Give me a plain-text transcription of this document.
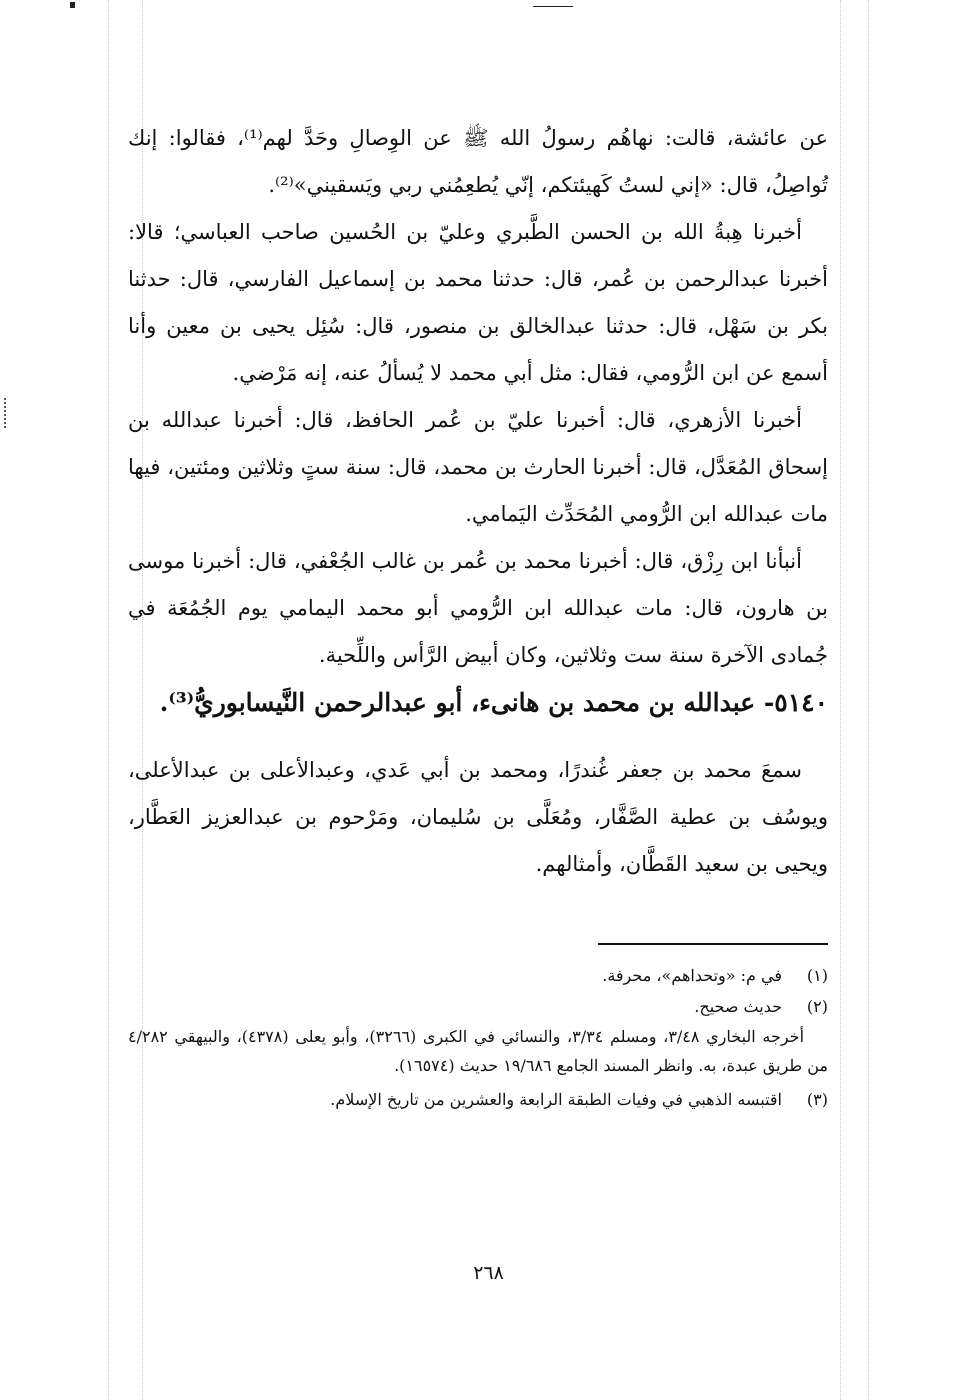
عن عائشة، قالت: نهاهُم رسولُ الله ﷺ عن الوِصالِ وحَدَّ لهم⁽¹⁾، فقالوا: إنك تُواصِلُ، قال: «إني لستُ كَهيئتكم، إنّي يُطعِمُني ربي ويَسقيني»⁽²⁾.

أخبرنا هِبةُ الله بن الحسن الطَّبري وعليّ بن الحُسين صاحب العباسي؛ قالا: أخبرنا عبدالرحمن بن عُمر، قال: حدثنا محمد بن إسماعيل الفارسي، قال: حدثنا بكر بن سَهْل، قال: حدثنا عبدالخالق بن منصور، قال: سُئِل يحيى بن معين وأنا أسمع عن ابن الرُّومي، فقال: مثل أبي محمد لا يُسألُ عنه، إنه مَرْضي.

أخبرنا الأزهري، قال: أخبرنا عليّ بن عُمر الحافظ، قال: أخبرنا عبدالله بن إسحاق المُعَدَّل، قال: أخبرنا الحارث بن محمد، قال: سنة ستٍ وثلاثين ومئتين، فيها مات عبدالله ابن الرُّومي المُحَدِّث اليَمامي.

أنبأنا ابن رِزْق، قال: أخبرنا محمد بن عُمر بن غالب الجُعْفي، قال: أخبرنا موسى بن هارون، قال: مات عبدالله ابن الرُّومي أبو محمد اليمامي يوم الجُمُعَة في جُمادى الآخرة سنة ست وثلاثين، وكان أبيض الرَّأس واللِّحية.

٥١٤٠- عبدالله بن محمد بن هانىء، أبو عبدالرحمن النَّيسابوريُّ⁽³⁾.

سمعَ محمد بن جعفر غُندرًا، ومحمد بن أبي عَدي، وعبدالأعلى بن عبدالأعلى، ويوسُف بن عطية الصَّفَّار، ومُعَلَّى بن سُليمان، ومَرْحوم بن عبدالعزيز العَطَّار، ويحيى بن سعيد القَطَّان، وأمثالهم.

(١)في م: «وتحداهم»، محرفة.

(٢)حديث صحيح.

أخرجه البخاري ٣/٤٨، ومسلم ٣/٣٤، والنسائي في الكبرى (٣٢٦٦)، وأبو يعلى (٤٣٧٨)، والبيهقي ٤/٢٨٢ من طريق عبدة، به. وانظر المسند الجامع ١٩/٦٨٦ حديث (١٦٥٧٤).

(٣)اقتبسه الذهبي في وفيات الطبقة الرابعة والعشرين من تاريخ الإسلام.

٢٦٨
